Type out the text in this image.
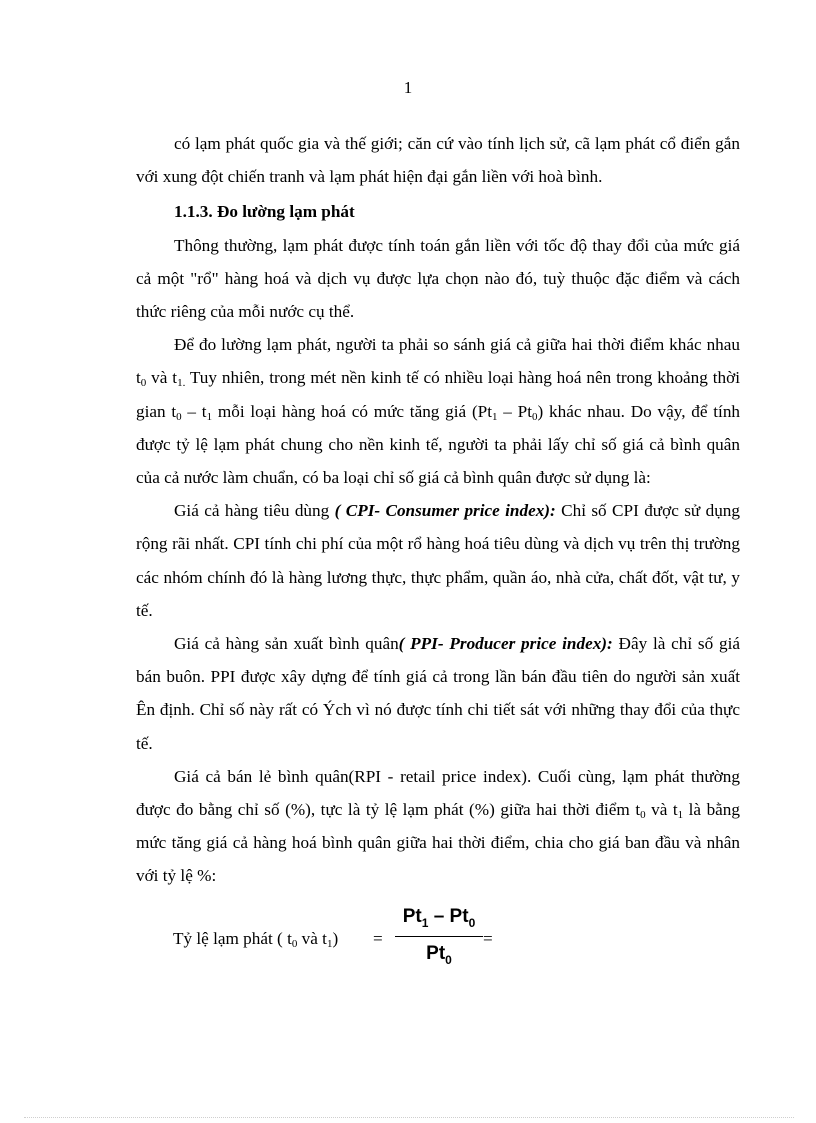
1

có lạm phát quốc gia và thế giới; căn cứ vào tính lịch sử, cã lạm phát cổ điển gắn với xung đột chiến tranh và lạm phát hiện đại gắn liền với hoà bình.

1.1.3. Đo lường lạm phát

Thông thường, lạm phát được tính toán gắn liền với tốc độ thay đổi của mức giá cả một "rổ" hàng hoá và dịch vụ được lựa chọn nào đó, tuỳ thuộc đặc điểm và cách thức riêng của mỗi nước cụ thể.

Để đo lường lạm phát, người ta phải so sánh giá cả giữa hai thời điểm khác nhau $t_0$ và $t_{1.}$ Tuy nhiên, trong mét nền kinh tế có nhiều loại hàng hoá nên trong khoảng thời gian $t_0 - t_1$ mỗi loại hàng hoá có mức tăng giá $(Pt_1 - Pt_0)$ khác nhau. Do vậy, để tính được tỷ lệ lạm phát chung cho nền kinh tế, người ta phải lấy chỉ số giá cả bình quân của cả nước làm chuẩn, có ba loại chỉ số giá cả bình quân được sử dụng là:

Giá cả hàng tiêu dùng ( CPI- Consumer price index): Chỉ số CPI được sử dụng rộng rãi nhất. CPI tính chi phí của một rổ hàng hoá tiêu dùng và dịch vụ trên thị trường các nhóm chính đó là hàng lương thực, thực phẩm, quần áo, nhà cửa, chất đốt, vật tư, y tế.

Giá cả hàng sản xuất bình quân( PPI- Producer price index): Đây là chỉ số giá bán buôn. PPI được xây dựng để tính giá cả trong lần bán đầu tiên do người sản xuất Ên định. Chỉ số này rất có Ých vì nó được tính chi tiết sát với những thay đổi của thực tế.

Giá cả bán lẻ bình quân(RPI - retail price index). Cuối cùng, lạm phát thường được đo bằng chỉ số (%), tực là tỷ lệ lạm phát (%) giữa hai thời điểm $t_0$ và $t_1$ là bằng mức tăng giá cả hàng hoá bình quân giữa hai thời điểm, chia cho giá ban đầu và nhân với tỷ lệ %:

Tỷ lệ lạm phát ( $t_0$ và $t_1$) =
$Pt_1 - Pt_0$
$Pt_0$
=
